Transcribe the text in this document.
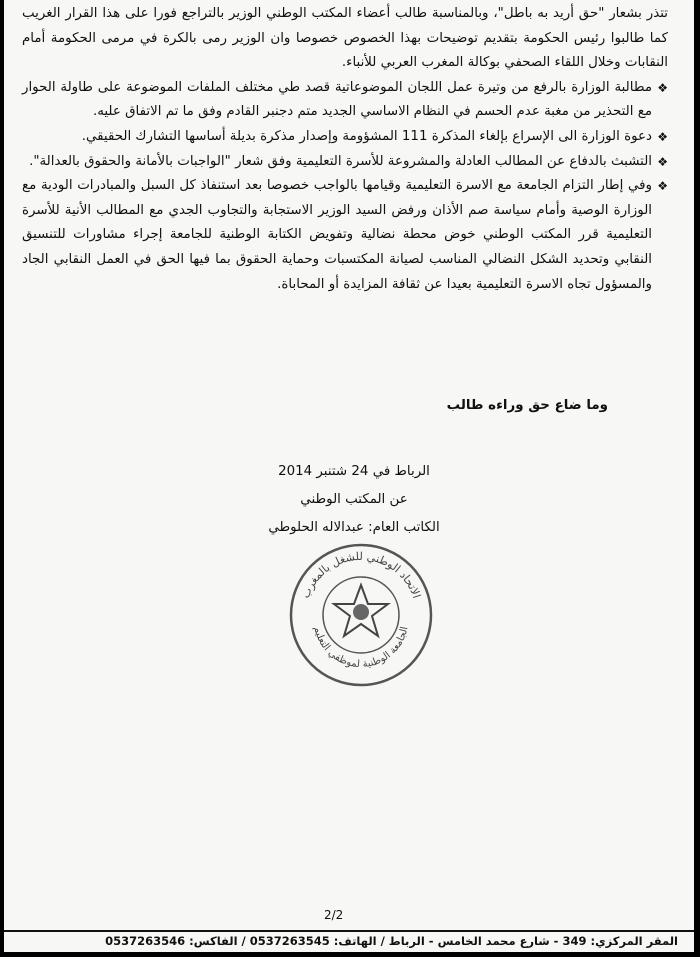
تتذر بشعار "حق أريد به باطل"، وبالمناسبة طالب أعضاء المكتب الوطني الوزير بالتراجع فورا على هذا القرار الغريب كما طالبوا رئيس الحكومة بتقديم توضيحات بهذا الخصوص خصوصا وان الوزير رمى بالكرة في مرمى الحكومة أمام النقابات وخلال اللقاء الصحفي بوكالة المغرب العربي للأنباء.

❖
مطالبة الوزارة بالرفع من وتيرة عمل اللجان الموضوعاتية قصد طي مختلف الملفات الموضوعة على طاولة الحوار مع التحذير من مغبة عدم الحسم في النظام الاساسي الجديد متم دجنبر القادم وفق ما تم الاتفاق عليه.

❖
دعوة الوزارة الى الإسراع بإلغاء المذكرة 111 المشؤومة وإصدار مذكرة بديلة أساسها التشارك الحقيقي.

❖
التشبث بالدفاع عن المطالب العادلة والمشروعة للأسرة التعليمية وفق شعار "الواجبات بالأمانة والحقوق بالعدالة".

❖
وفي إطار التزام الجامعة مع الاسرة التعليمية وقيامها بالواجب خصوصا بعد استنفاذ كل السبل والمبادرات الودية مع الوزارة الوصية وأمام سياسة صم الأذان ورفض السيد الوزير الاستجابة والتجاوب الجدي مع المطالب الأنية للأسرة التعليمية قرر المكتب الوطني خوض محطة نضالية وتفويض الكتابة الوطنية للجامعة إجراء مشاورات للتنسيق النقابي وتحديد الشكل النضالي المناسب لصيانة المكتسبات وحماية الحقوق بما فيها الحق في العمل النقابي الجاد والمسؤول تجاه الاسرة التعليمية بعيدا عن ثقافة المزايدة أو المحاباة.

وما ضاع حق وراءه طالب
الرباط في 24 شتنبر 2014
عن المكتب الوطني
الكاتب العام: عبدالاله الحلوطي
الاتحاد الوطني للشغل بالمغرب
الجامعة الوطنية لموظفي التعليم
2/2
المقر المركزي: 349 - شارع محمد الخامس - الرباط / الهاتف: 0537263545 / الفاكس: 0537263546
